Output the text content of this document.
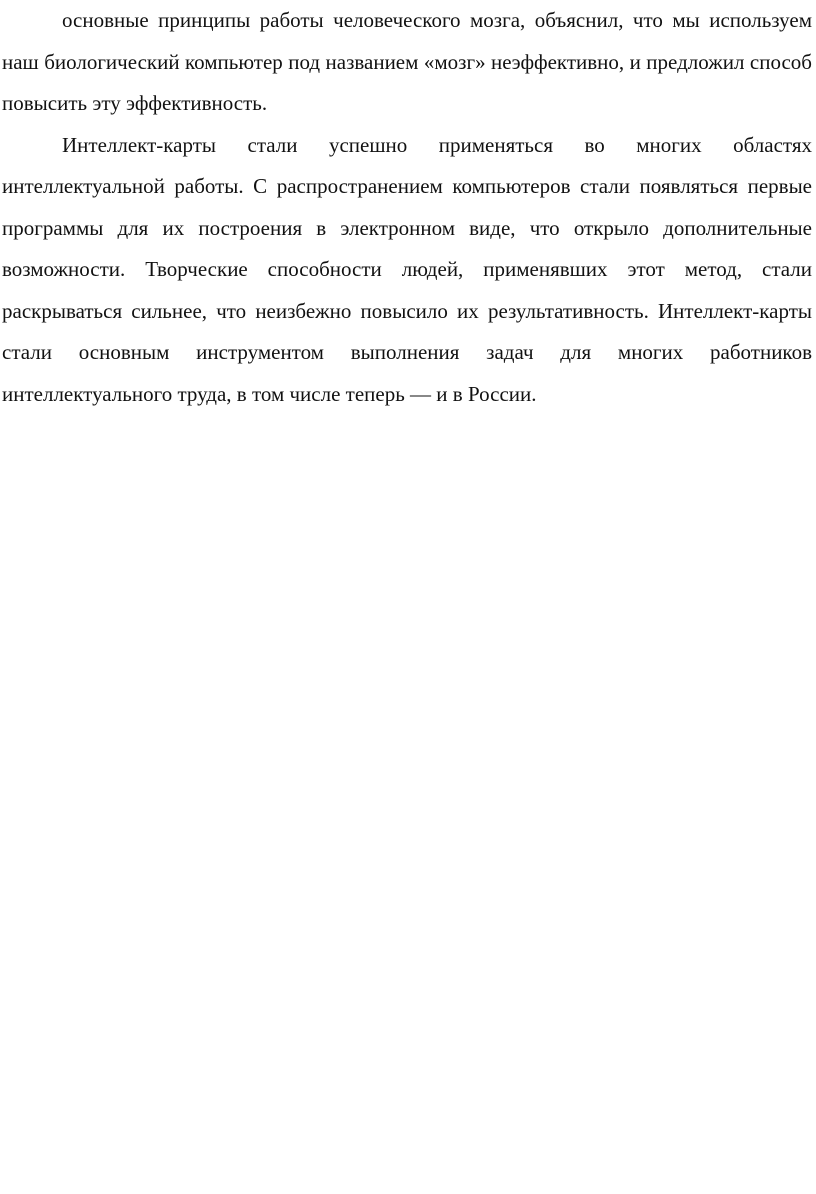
основные принципы работы человеческого мозга, объяснил, что мы используем наш биологический компьютер под названием «мозг» неэффективно, и предложил способ повысить эту эффективность.

Интеллект-карты стали успешно применяться во многих областях интеллектуальной работы. С распространением компьютеров стали появляться первые программы для их построения в электронном виде, что открыло дополнительные возможности. Творческие способности людей, применявших этот метод, стали раскрываться сильнее, что неизбежно повысило их результативность. Интеллект-карты стали основным инструментом выполнения задач для многих работников интеллектуального труда, в том числе теперь — и в России.
